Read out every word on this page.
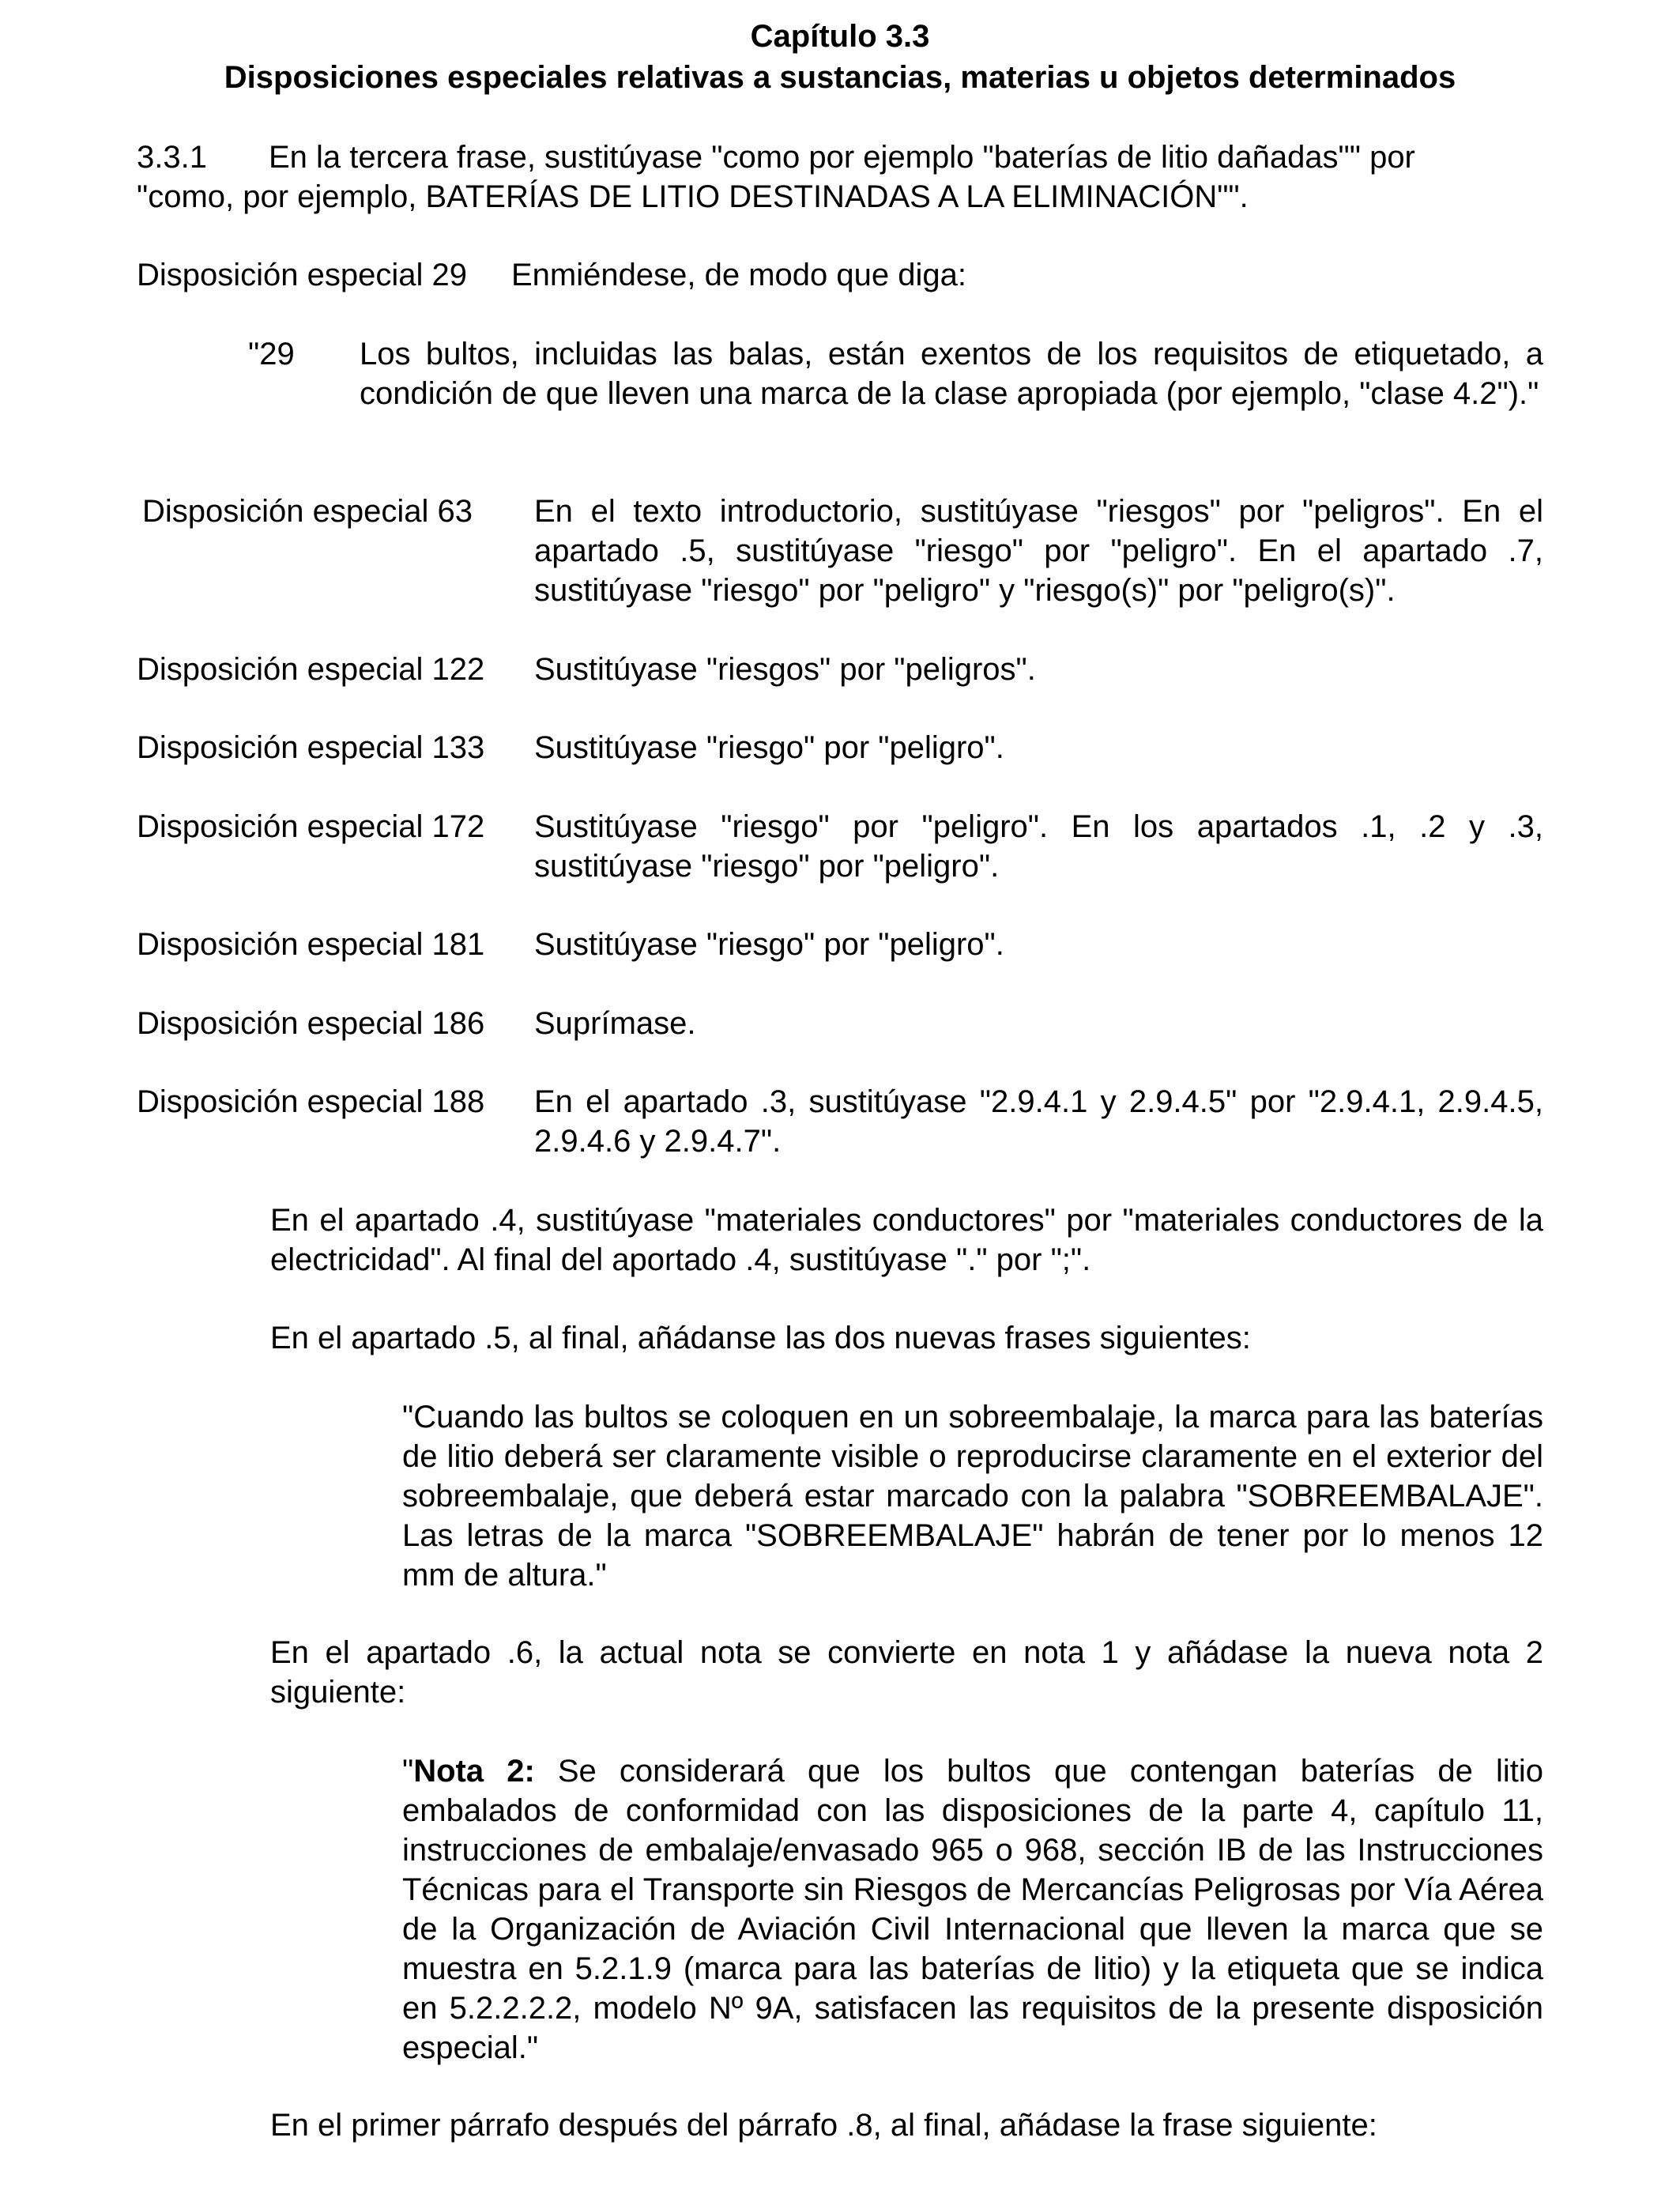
Capítulo 3.3
Disposiciones especiales relativas a sustancias, materias u objetos determinados
3.3.1 En la tercera frase, sustitúyase "como por ejemplo "baterías de litio dañadas"" por
"como, por ejemplo, BATERÍAS DE LITIO DESTINADAS A LA ELIMINACIÓN"".
Disposición especial 29 Enmiéndese, de modo que diga:
"29 Los bultos, incluidas las balas, están exentos de los requisitos de etiquetado, a condición de que lleven una marca de la clase apropiada (por ejemplo, "clase 4.2")."
Disposición especial 63 En el texto introductorio, sustitúyase "riesgos" por "peligros". En el apartado .5, sustitúyase "riesgo" por "peligro". En el apartado .7, sustitúyase "riesgo" por "peligro" y "riesgo(s)" por "peligro(s)".
Disposición especial 122 Sustitúyase "riesgos" por "peligros".
Disposición especial 133 Sustitúyase "riesgo" por "peligro".
Disposición especial 172 Sustitúyase "riesgo" por "peligro". En los apartados .1, .2 y .3, sustitúyase "riesgo" por "peligro".
Disposición especial 181 Sustitúyase "riesgo" por "peligro".
Disposición especial 186 Suprímase.
Disposición especial 188 En el apartado .3, sustitúyase "2.9.4.1 y 2.9.4.5" por "2.9.4.1, 2.9.4.5, 2.9.4.6 y 2.9.4.7".
En el apartado .4, sustitúyase "materiales conductores" por "materiales conductores de la electricidad". Al final del aportado .4, sustitúyase "." por ";".
En el apartado .5, al final, añádanse las dos nuevas frases siguientes:
"Cuando las bultos se coloquen en un sobreembalaje, la marca para las baterías de litio deberá ser claramente visible o reproducirse claramente en el exterior del sobreembalaje, que deberá estar marcado con la palabra "SOBREEMBALAJE". Las letras de la marca "SOBREEMBALAJE" habrán de tener por lo menos 12 mm de altura."
En el apartado .6, la actual nota se convierte en nota 1 y añádase la nueva nota 2 siguiente:
"Nota 2: Se considerará que los bultos que contengan baterías de litio embalados de conformidad con las disposiciones de la parte 4, capítulo 11, instrucciones de embalaje/envasado 965 o 968, sección IB de las Instrucciones Técnicas para el Transporte sin Riesgos de Mercancías Peligrosas por Vía Aérea de la Organización de Aviación Civil Internacional que lleven la marca que se muestra en 5.2.1.9 (marca para las baterías de litio) y la etiqueta que se indica en 5.2.2.2.2, modelo Nº 9A, satisfacen las requisitos de la presente disposición especial."
En el primer párrafo después del párrafo .8, al final, añádase la frase siguiente:
